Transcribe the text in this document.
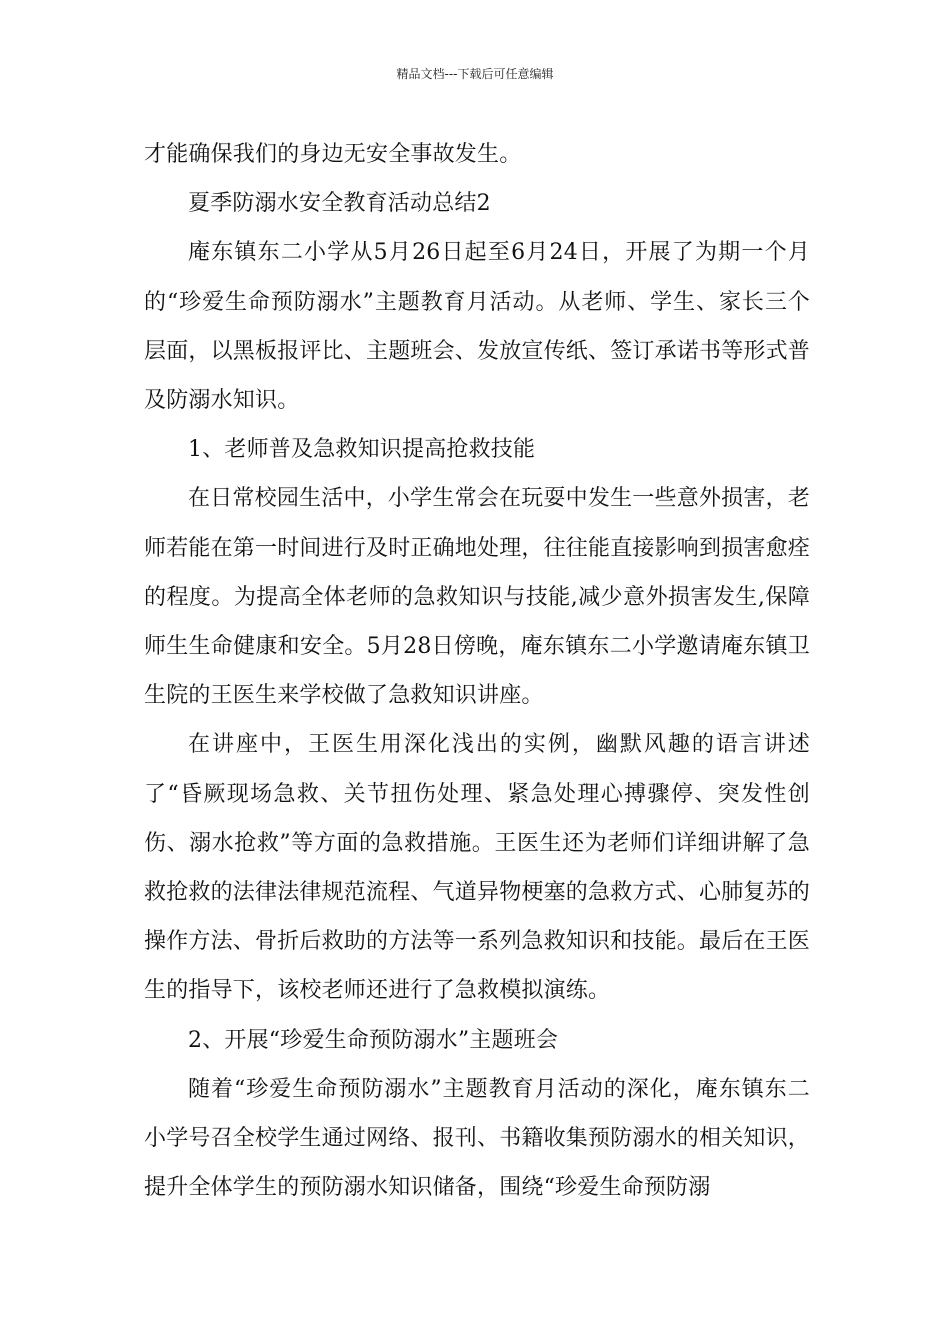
精品文档---下载后可任意编辑

才能确保我们的身边无安全事故发生。

夏季防溺水安全教育活动总结2

庵东镇东二小学从5月26日起至6月24日，开展了为期一个月的“珍爱生命预防溺水”主题教育月活动。从老师、学生、家长三个层面，以黑板报评比、主题班会、发放宣传纸、签订承诺书等形式普及防溺水知识。

1、老师普及急救知识提高抢救技能

在日常校园生活中，小学生常会在玩耍中发生一些意外损害，老师若能在第一时间进行及时正确地处理，往往能直接影响到损害愈痊的程度。为提高全体老师的急救知识与技能,减少意外损害发生,保障师生生命健康和安全。5月28日傍晚，庵东镇东二小学邀请庵东镇卫生院的王医生来学校做了急救知识讲座。

在讲座中，王医生用深化浅出的实例，幽默风趣的语言讲述了“昏厥现场急救、关节扭伤处理、紧急处理心搏骤停、突发性创伤、溺水抢救”等方面的急救措施。王医生还为老师们详细讲解了急救抢救的法律法律规范流程、气道异物梗塞的急救方式、心肺复苏的操作方法、骨折后救助的方法等一系列急救知识和技能。最后在王医生的指导下，该校老师还进行了急救模拟演练。

2、开展“珍爱生命预防溺水”主题班会

随着“珍爱生命预防溺水”主题教育月活动的深化，庵东镇东二小学号召全校学生通过网络、报刊、书籍收集预防溺水的相关知识，提升全体学生的预防溺水知识储备，围绕“珍爱生命预防溺
